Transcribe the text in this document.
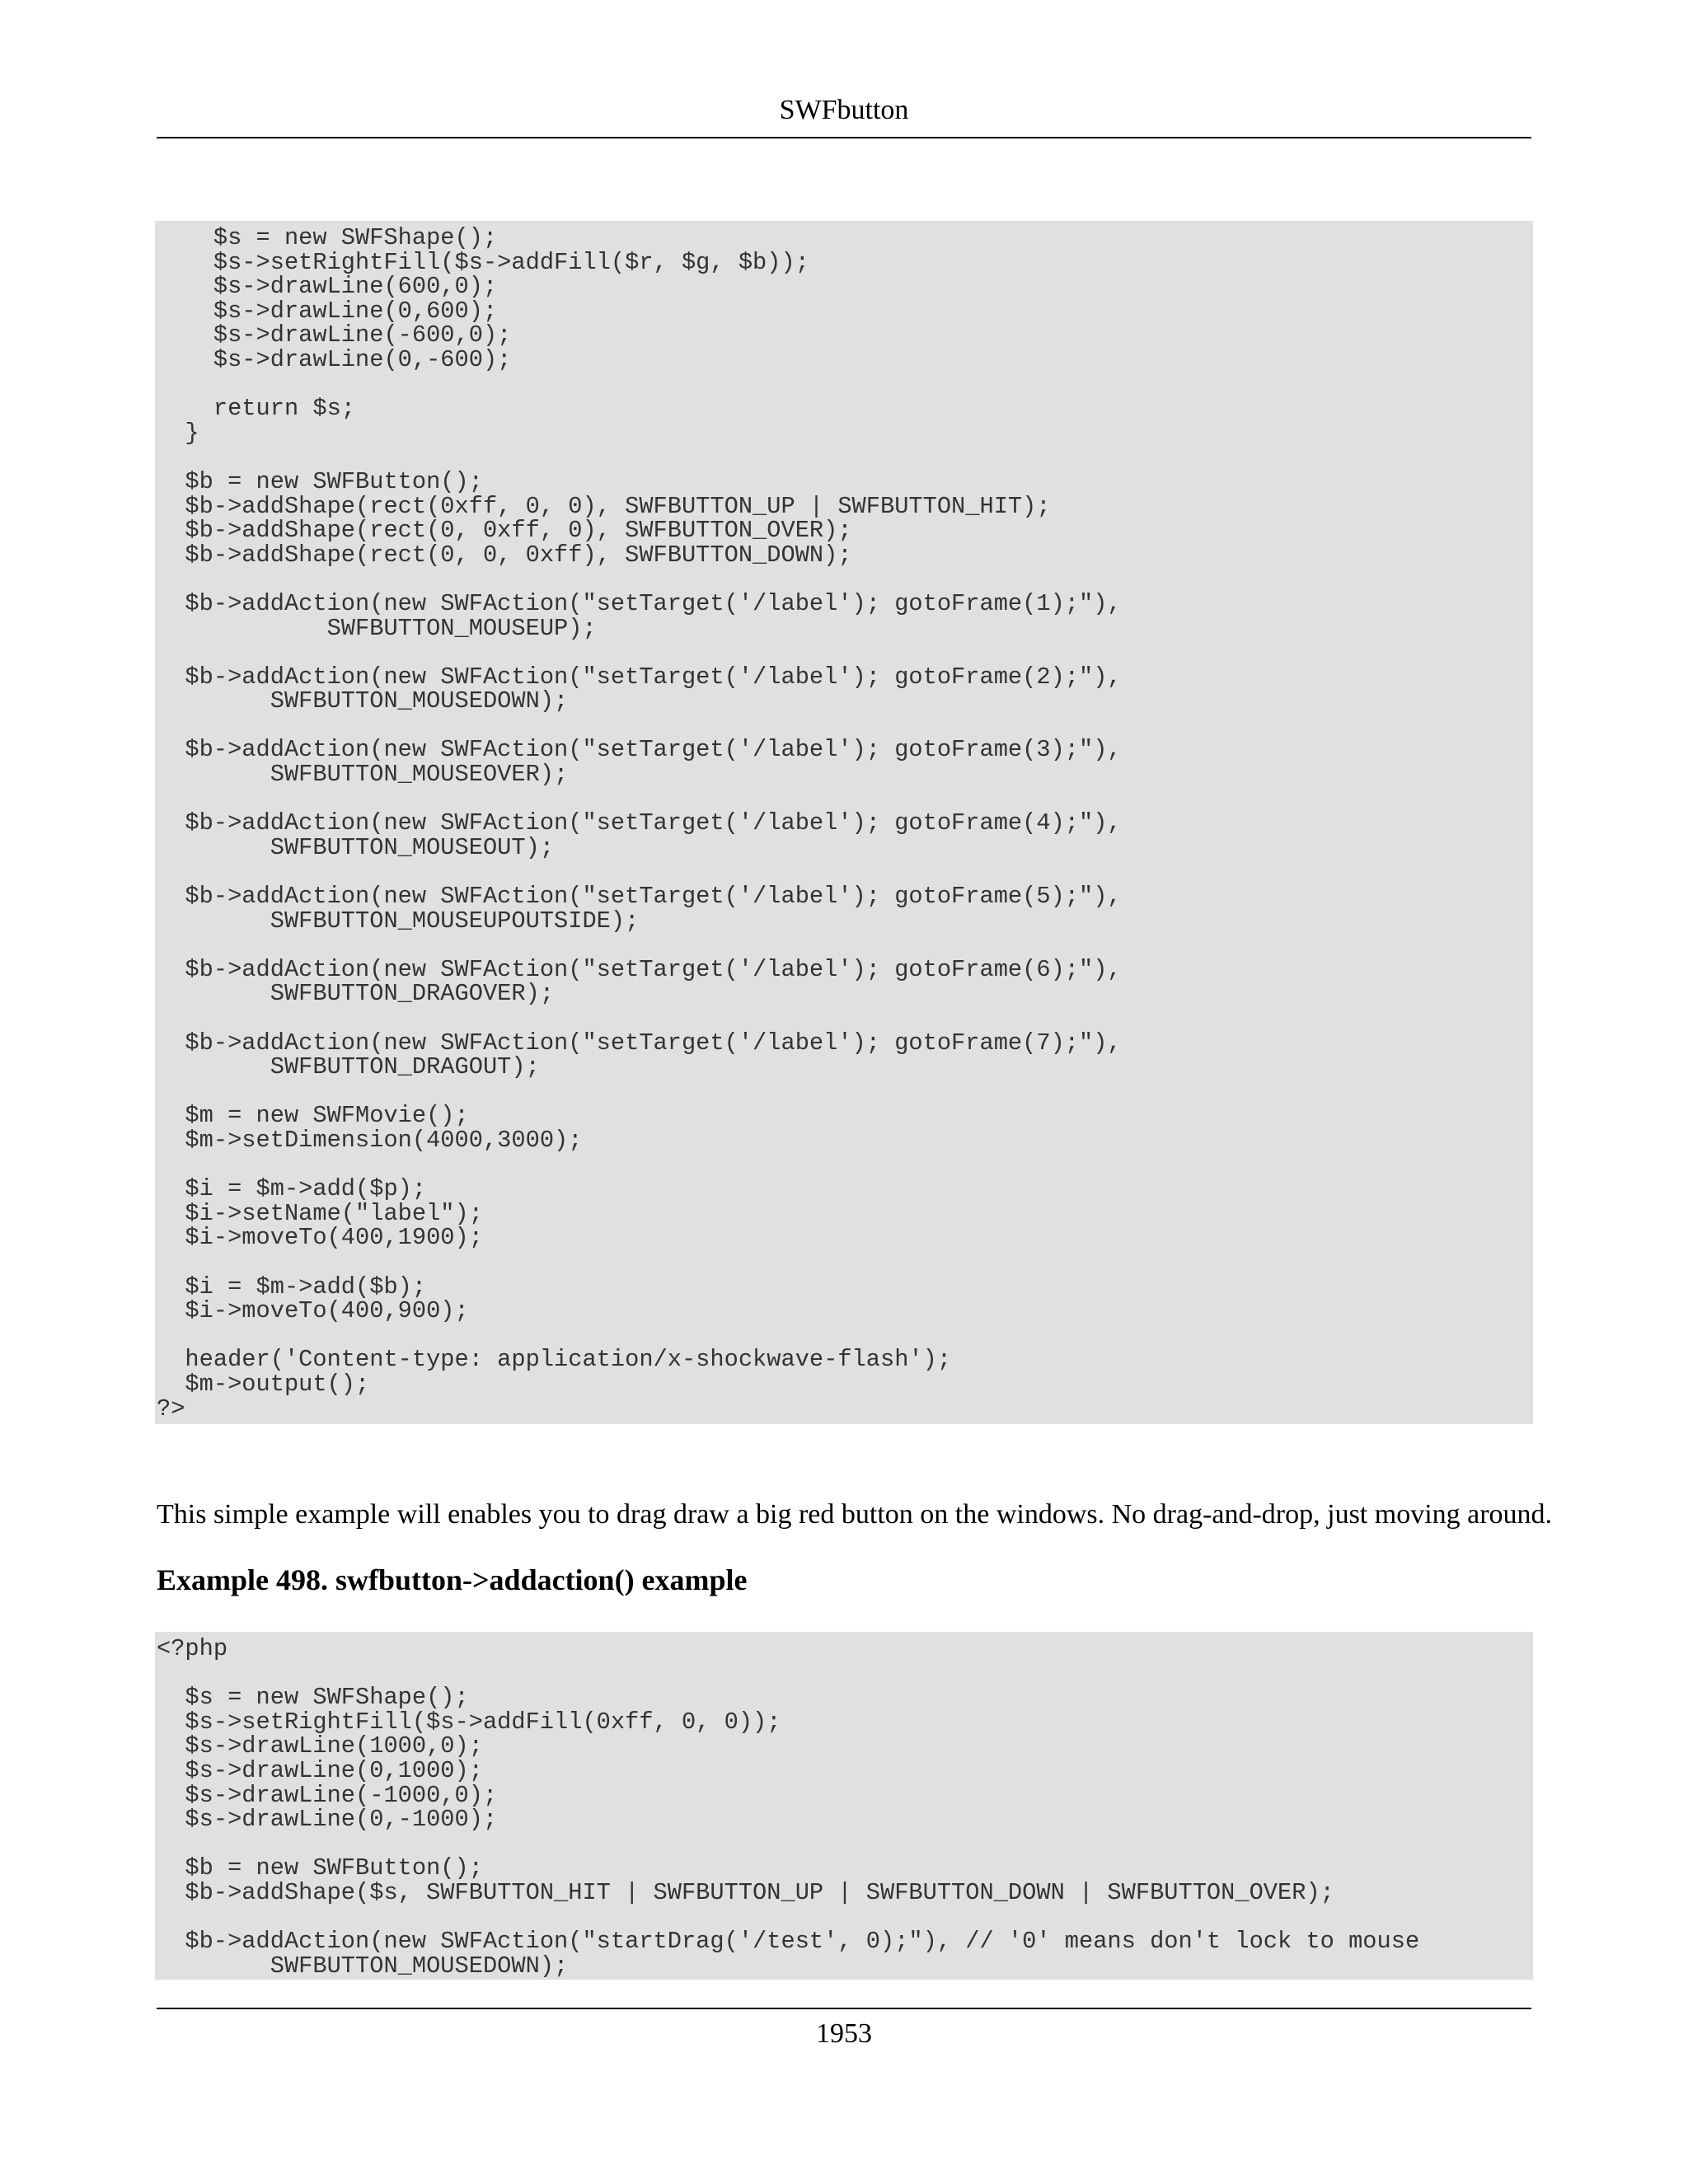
SWFbutton
$s = new SWFShape();
$s->setRightFill($s->addFill($r, $g, $b));
$s->drawLine(600,0);
$s->drawLine(0,600);
$s->drawLine(-600,0);
$s->drawLine(0,-600);

return $s;
}

$b = new SWFButton();
$b->addShape(rect(0xff, 0, 0), SWFBUTTON_UP | SWFBUTTON_HIT);
$b->addShape(rect(0, 0xff, 0), SWFBUTTON_OVER);
$b->addShape(rect(0, 0, 0xff), SWFBUTTON_DOWN);

$b->addAction(new SWFAction("setTarget('/label'); gotoFrame(1);"),
SWFBUTTON_MOUSEUP);

$b->addAction(new SWFAction("setTarget('/label'); gotoFrame(2);"),
SWFBUTTON_MOUSEDOWN);

$b->addAction(new SWFAction("setTarget('/label'); gotoFrame(3);"),
SWFBUTTON_MOUSEOVER);

$b->addAction(new SWFAction("setTarget('/label'); gotoFrame(4);"),
SWFBUTTON_MOUSEOUT);

$b->addAction(new SWFAction("setTarget('/label'); gotoFrame(5);"),
SWFBUTTON_MOUSEUPOUTSIDE);

$b->addAction(new SWFAction("setTarget('/label'); gotoFrame(6);"),
SWFBUTTON_DRAGOVER);

$b->addAction(new SWFAction("setTarget('/label'); gotoFrame(7);"),
SWFBUTTON_DRAGOUT);

$m = new SWFMovie();
$m->setDimension(4000,3000);

$i = $m->add($p);
$i->setName("label");
$i->moveTo(400,1900);

$i = $m->add($b);
$i->moveTo(400,900);

header('Content-type: application/x-shockwave-flash');
$m->output();
?>
This simple example will enables you to drag draw a big red button on the windows. No drag-and-drop, just moving around.
Example 498. swfbutton->addaction() example
<?php

$s = new SWFShape();
$s->setRightFill($s->addFill(0xff, 0, 0));
$s->drawLine(1000,0);
$s->drawLine(0,1000);
$s->drawLine(-1000,0);
$s->drawLine(0,-1000);

$b = new SWFButton();
$b->addShape($s, SWFBUTTON_HIT | SWFBUTTON_UP | SWFBUTTON_DOWN | SWFBUTTON_OVER);

$b->addAction(new SWFAction("startDrag('/test', 0);"), // '0' means don't lock to mouse
SWFBUTTON_MOUSEDOWN);
1953
